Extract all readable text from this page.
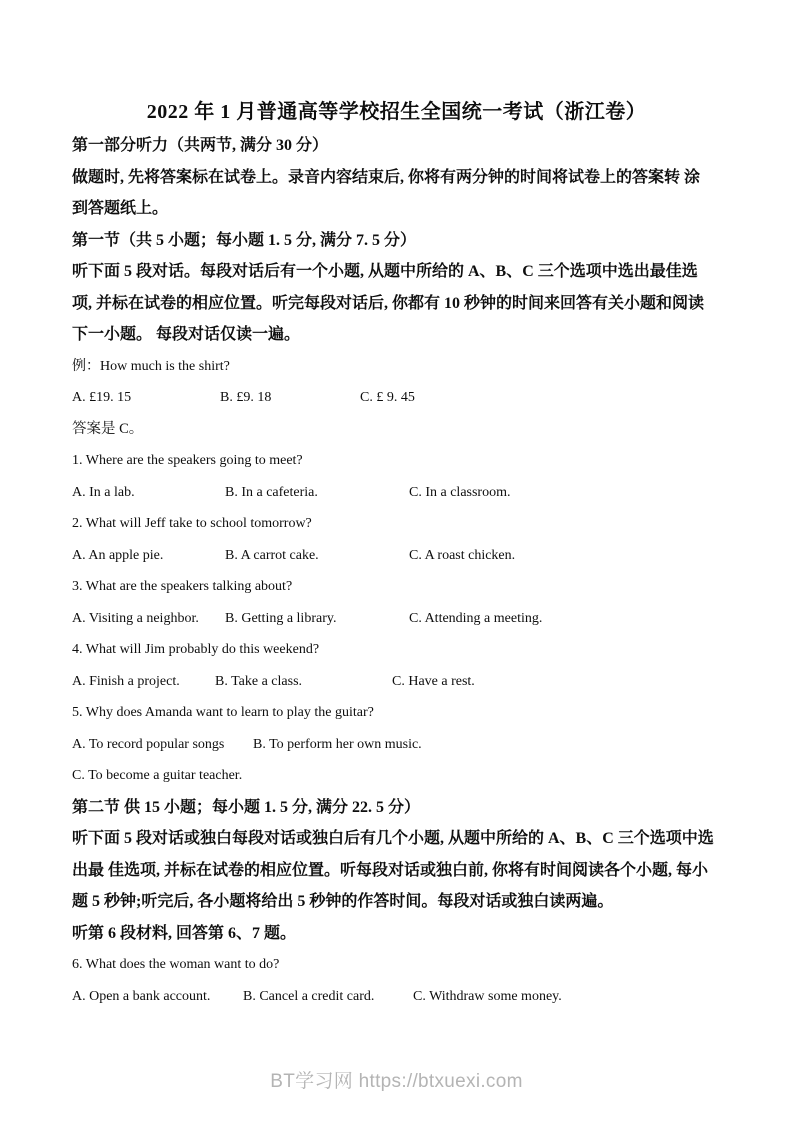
2022 年 1 月普通高等学校招生全国统一考试（浙江卷）
第一部分听力（共两节, 满分 30 分）
做题时, 先将答案标在试卷上。录音内容结束后, 你将有两分钟的时间将试卷上的答案转 涂
到答题纸上。
第一节（共 5 小题；每小题 1. 5 分, 满分 7. 5 分）
听下面 5 段对话。每段对话后有一个小题, 从题中所给的 A、B、C 三个选项中选出最佳选
项, 并标在试卷的相应位置。听完每段对话后, 你都有 10 秒钟的时间来回答有关小题和阅读
下一小题。 每段对话仅读一遍。
例：How much is the shirt?
A. £19. 15	B. £9. 18	C. £ 9. 45
答案是 C。
1. Where are the speakers going to meet?
A. In a lab.	B. In a cafeteria.	C. In a classroom.
2. What will Jeff take to school tomorrow?
A. An apple pie.	B. A carrot cake.	C. A roast chicken.
3. What are the speakers talking about?
A. Visiting a neighbor.	B. Getting a library.	C. Attending a meeting.
4. What will Jim probably do this weekend?
A. Finish a project.	B. Take a class.	C. Have a rest.
5. Why does Amanda want to learn to play the guitar?
A. To record popular songs	B. To perform her own music.
C. To become a guitar teacher.
第二节 供 15 小题；每小题 1. 5 分, 满分 22. 5 分）
听下面 5 段对话或独白每段对话或独白后有几个小题, 从题中所给的 A、B、C 三个选项中选
出最 佳选项, 并标在试卷的相应位置。听每段对话或独白前, 你将有时间阅读各个小题, 每小
题 5 秒钟;听完后, 各小题将给出 5 秒钟的作答时间。每段对话或独白读两遍。
听第 6 段材料, 回答第 6、7 题。
6. What does the woman want to do?
A. Open a bank account.	B. Cancel a credit card.	C. Withdraw some money.
BT学习网 https://btxuexi.com
